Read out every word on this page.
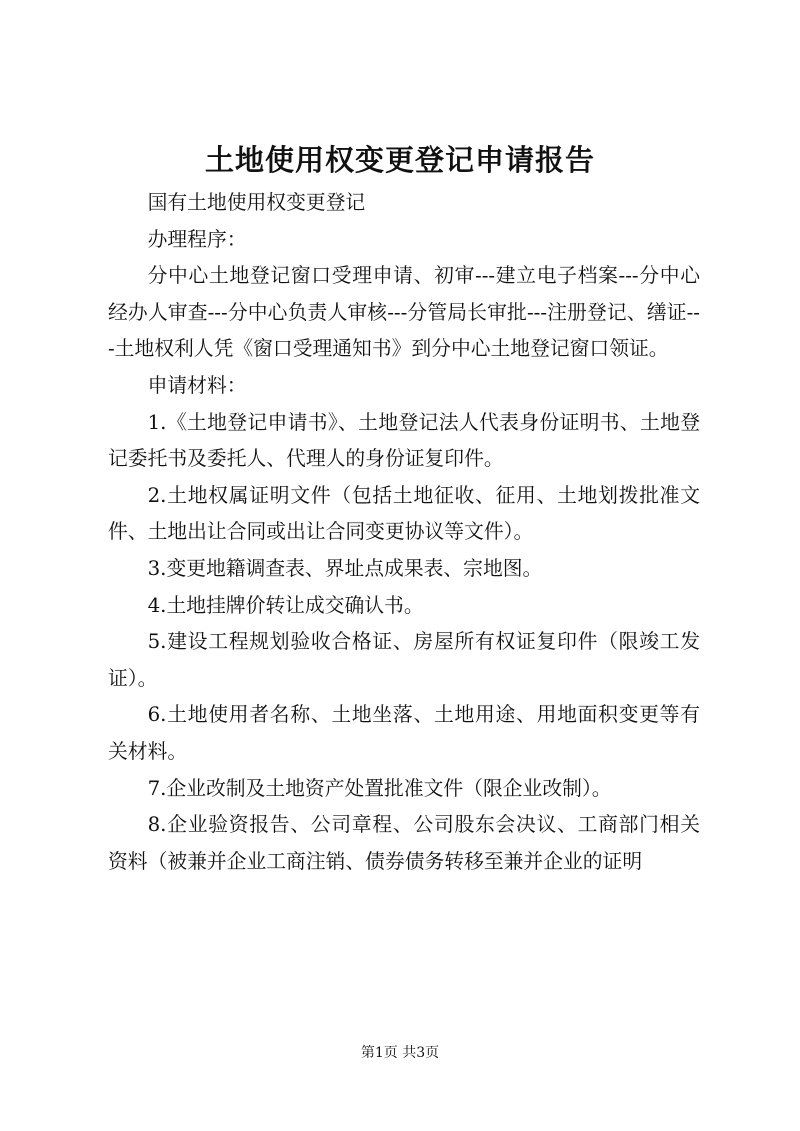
土地使用权变更登记申请报告

国有土地使用权变更登记

办理程序：

分中心土地登记窗口受理申请、初审---建立电子档案---分中心经办人审查---分中心负责人审核---分管局长审批---注册登记、缮证---土地权利人凭《窗口受理通知书》到分中心土地登记窗口领证。

申请材料：

1.《土地登记申请书》、土地登记法人代表身份证明书、土地登记委托书及委托人、代理人的身份证复印件。

2.土地权属证明文件（包括土地征收、征用、土地划拨批准文件、土地出让合同或出让合同变更协议等文件）。

3.变更地籍调查表、界址点成果表、宗地图。

4.土地挂牌价转让成交确认书。

5.建设工程规划验收合格证、房屋所有权证复印件（限竣工发证）。

6.土地使用者名称、土地坐落、土地用途、用地面积变更等有关材料。

7.企业改制及土地资产处置批准文件（限企业改制）。

8.企业验资报告、公司章程、公司股东会决议、工商部门相关资料（被兼并企业工商注销、债券债务转移至兼并企业的证明

第1页 共3页
